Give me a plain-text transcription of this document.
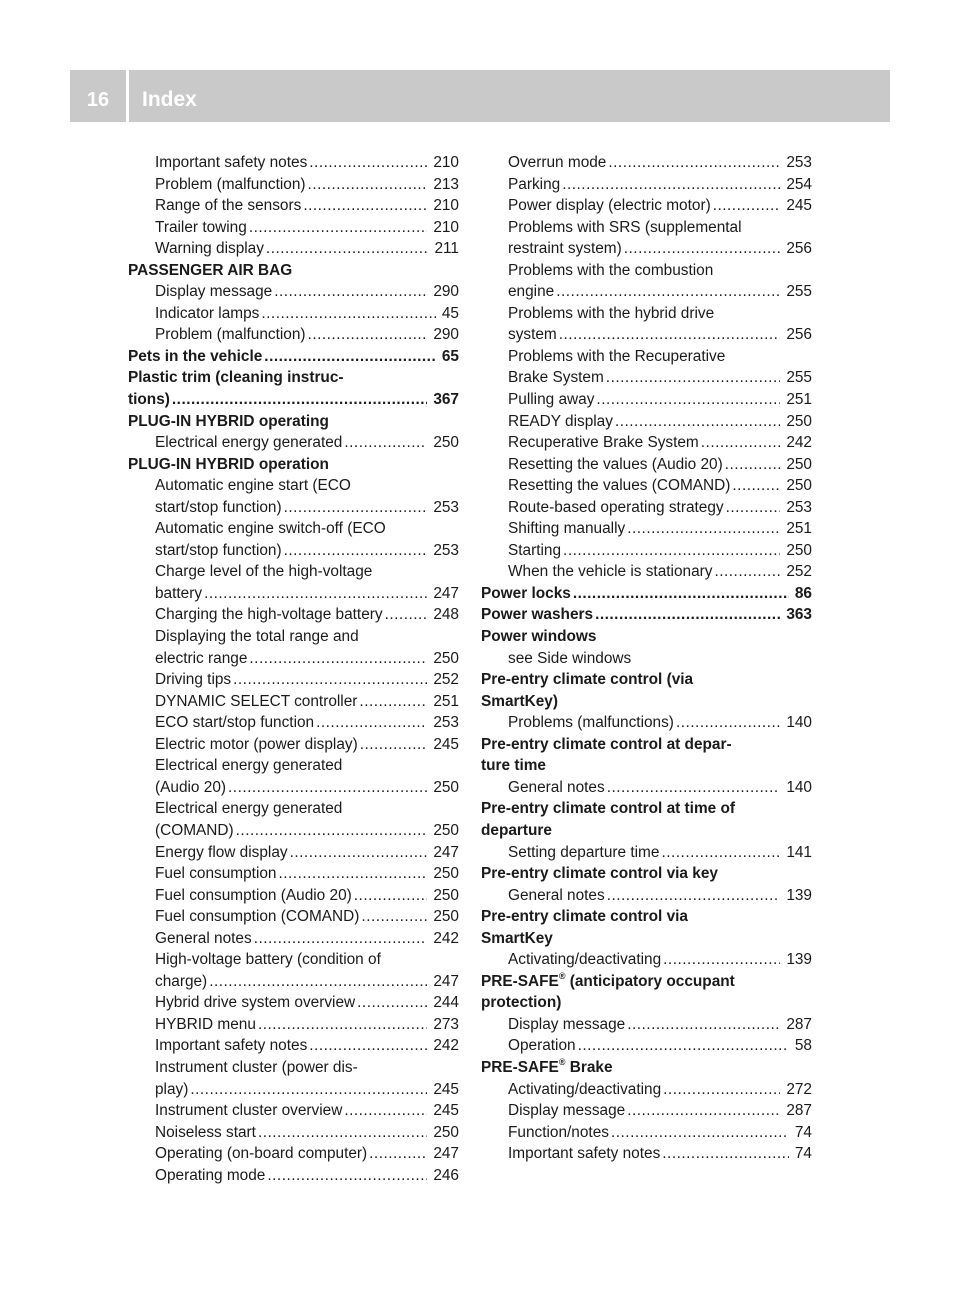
16	Index
Important safety notes .....	210
Problem (malfunction) .....	213
Range of the sensors .....	210
Trailer towing .....	210
Warning display .....	211
PASSENGER AIR BAG
Display message .....	290
Indicator lamps .....	45
Problem (malfunction) .....	290
Pets in the vehicle .....	65
Plastic trim (cleaning instruc-
tions) .....	367
PLUG-IN HYBRID operating
Electrical energy generated .....	250
PLUG-IN HYBRID operation
Automatic engine start (ECO
start/stop function) .....	253
Automatic engine switch-off (ECO
start/stop function) .....	253
Charge level of the high-voltage
battery .....	247
Charging the high-voltage battery .....	248
Displaying the total range and
electric range .....	250
Driving tips .....	252
DYNAMIC SELECT controller .....	251
ECO start/stop function .....	253
Electric motor (power display) .....	245
Electrical energy generated
(Audio 20) .....	250
Electrical energy generated
(COMAND) .....	250
Energy flow display .....	247
Fuel consumption .....	250
Fuel consumption (Audio 20) .....	250
Fuel consumption (COMAND) .....	250
General notes .....	242
High-voltage battery (condition of
charge) .....	247
Hybrid drive system overview .....	244
HYBRID menu .....	273
Important safety notes .....	242
Instrument cluster (power dis-
play) .....	245
Instrument cluster overview .....	245
Noiseless start .....	250
Operating (on-board computer) .....	247
Operating mode .....	246
Overrun mode .....	253
Parking .....	254
Power display (electric motor) .....	245
Problems with SRS (supplemental
restraint system) .....	256
Problems with the combustion
engine .....	255
Problems with the hybrid drive
system .....	256
Problems with the Recuperative
Brake System .....	255
Pulling away .....	251
READY display .....	250
Recuperative Brake System .....	242
Resetting the values (Audio 20) .....	250
Resetting the values (COMAND) .....	250
Route-based operating strategy .....	253
Shifting manually .....	251
Starting .....	250
When the vehicle is stationary .....	252
Power locks .....	86
Power washers .....	363
Power windows
see Side windows
Pre-entry climate control (via
SmartKey)
Problems (malfunctions) .....	140
Pre-entry climate control at depar-
ture time
General notes .....	140
Pre-entry climate control at time of
departure
Setting departure time .....	141
Pre-entry climate control via key
General notes .....	139
Pre-entry climate control via
SmartKey
Activating/deactivating .....	139
PRE-SAFE® (anticipatory occupant
protection)
Display message .....	287
Operation .....	58
PRE-SAFE® Brake
Activating/deactivating .....	272
Display message .....	287
Function/notes .....	74
Important safety notes .....	74
